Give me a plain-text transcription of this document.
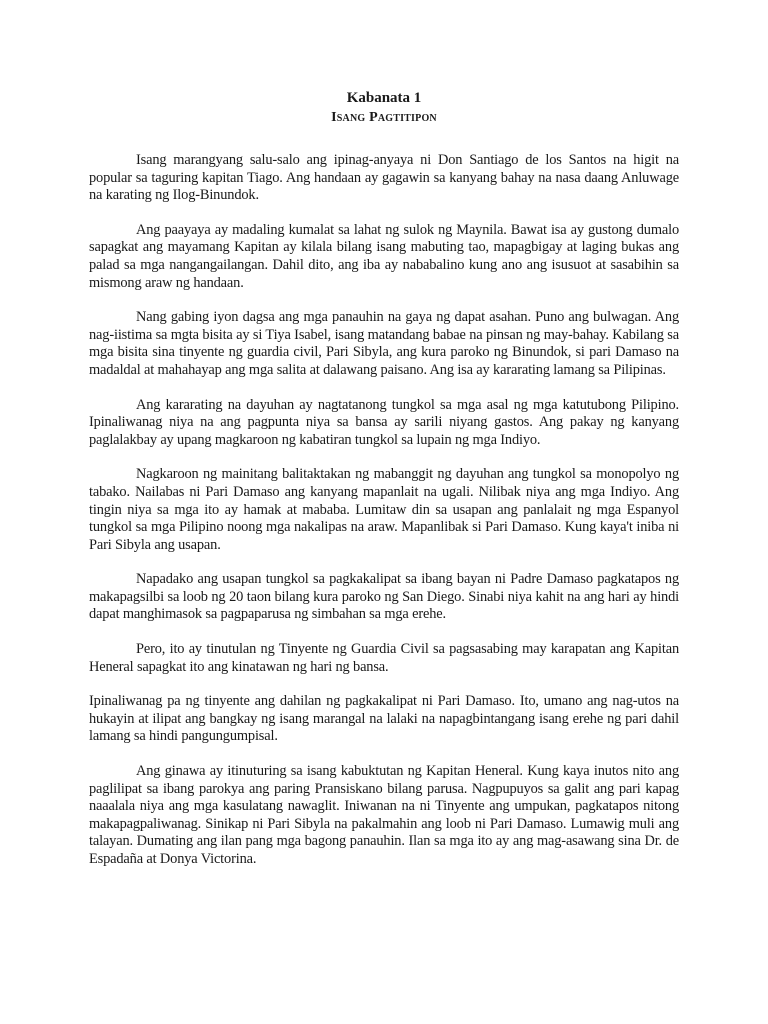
Kabanata 1
Isang Pagtitipon

Isang marangyang salu-salo ang ipinag-anyaya ni Don Santiago de los Santos na higit na popular sa taguring kapitan Tiago. Ang handaan ay gagawin sa kanyang bahay na nasa daang Anluwage na karating ng Ilog-Binundok.

Ang paayaya ay madaling kumalat sa lahat ng sulok ng Maynila. Bawat isa ay gustong dumalo sapagkat ang mayamang Kapitan ay kilala bilang isang mabuting tao, mapagbigay at laging bukas ang palad sa mga nangangailangan. Dahil dito, ang iba ay nababalino kung ano ang isusuot at sasabihin sa mismong araw ng handaan.

Nang gabing iyon dagsa ang mga panauhin na gaya ng dapat asahan. Puno ang bulwagan. Ang nag-iistima sa mgta bisita ay si Tiya Isabel, isang matandang babae na pinsan ng may-bahay. Kabilang sa mga bisita sina tinyente ng guardia civil, Pari Sibyla, ang kura paroko ng Binundok, si pari Damaso na madaldal at mahahayap ang mga salita at dalawang paisano. Ang isa ay kararating lamang sa Pilipinas.

Ang kararating na dayuhan ay nagtatanong tungkol sa mga asal ng mga katutubong Pilipino. Ipinaliwanag niya na ang pagpunta niya sa bansa ay sarili niyang gastos. Ang pakay ng kanyang paglalakbay ay upang magkaroon ng kabatiran tungkol sa lupain ng mga Indiyo.

Nagkaroon ng mainitang balitaktakan ng mabanggit ng dayuhan ang tungkol sa monopolyo ng tabako. Nailabas ni Pari Damaso ang kanyang mapanlait na ugali. Nilibak niya ang mga Indiyo. Ang tingin niya sa mga ito ay hamak at mababa. Lumitaw din sa usapan ang panlalait ng mga Espanyol tungkol sa mga Pilipino noong mga nakalipas na araw. Mapanlibak si Pari Damaso. Kung kaya't iniba ni Pari Sibyla ang usapan.

Napadako ang usapan tungkol sa pagkakalipat sa ibang bayan ni Padre Damaso pagkatapos ng makapagsilbi sa loob ng 20 taon bilang kura paroko ng San Diego. Sinabi niya kahit na ang hari ay hindi dapat manghimasok sa pagpaparusa ng simbahan sa mga erehe.

Pero, ito ay tinutulan ng Tinyente ng Guardia Civil sa pagsasabing may karapatan ang Kapitan Heneral sapagkat ito ang kinatawan ng hari ng bansa.

Ipinaliwanag pa ng tinyente ang dahilan ng pagkakalipat ni Pari Damaso. Ito, umano ang nag-utos na hukayin at ilipat ang bangkay ng isang marangal na lalaki na napagbintangang isang erehe ng pari dahil lamang sa hindi pangungumpisal.

Ang ginawa ay itinuturing sa isang kabuktutan ng Kapitan Heneral. Kung kaya inutos nito ang paglilipat sa ibang parokya ang paring Pransiskano bilang parusa. Nagpupuyos sa galit ang pari kapag naaalala niya ang mga kasulatang nawaglit. Iniwanan na ni Tinyente ang umpukan, pagkatapos nitong makapagpaliwanag. Sinikap ni Pari Sibyla na pakalmahin ang loob ni Pari Damaso. Lumawig muli ang talayan. Dumating ang ilan pang mga bagong panauhin. Ilan sa mga ito ay ang mag-asawang sina Dr. de Espadaña at Donya Victorina.
